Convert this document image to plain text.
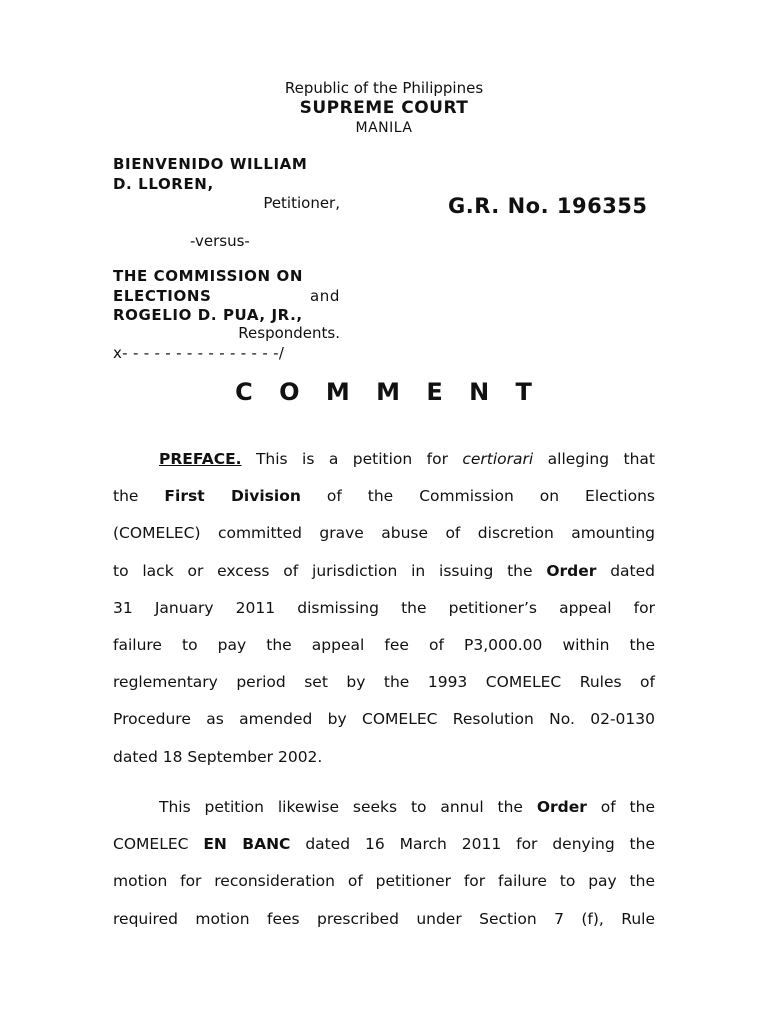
Republic of the Philippines
SUPREME COURT
MANILA
BIENVENIDO WILLIAM
D. LLOREN,
Petitioner,	G.R. No. 196355
-versus-
THE COMMISSION ON
ELECTIONS	and
ROGELIO D. PUA, JR.,
Respondents.
x- - - - - - - - - - - - - - -/
C O M M E N T
PREFACE. This is a petition for certiorari alleging that
the First Division of the Commission on Elections
(COMELEC) committed grave abuse of discretion amounting
to lack or excess of jurisdiction in issuing the Order dated
31 January 2011 dismissing the petitioner’s appeal for
failure to pay the appeal fee of P3,000.00 within the
reglementary period set by the 1993 COMELEC Rules of
Procedure as amended by COMELEC Resolution No. 02-0130
dated 18 September 2002.
This petition likewise seeks to annul the Order of the
COMELEC EN BANC dated 16 March 2011 for denying the
motion for reconsideration of petitioner for failure to pay the
required motion fees prescribed under Section 7 (f), Rule
